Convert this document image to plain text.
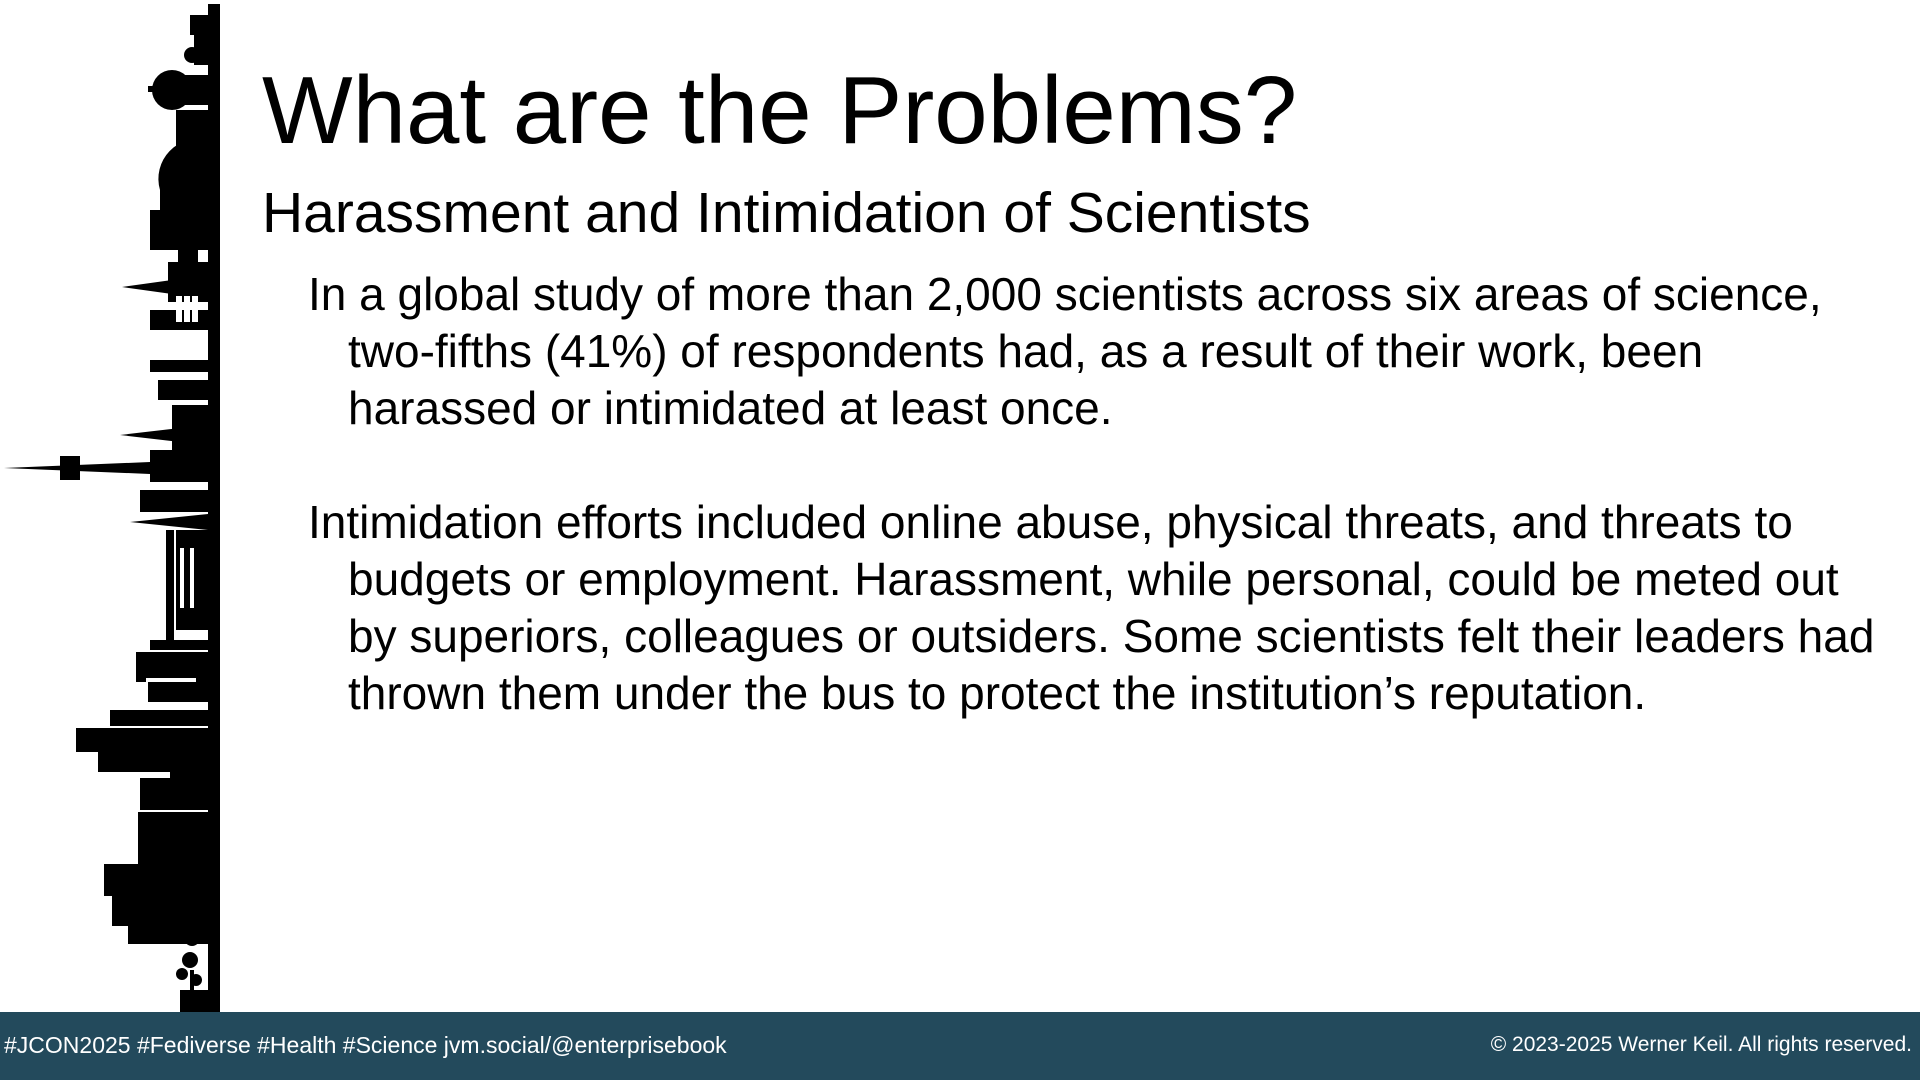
What are the Problems?
Harassment and Intimidation of Scientists

In a global study of more than 2,000 scientists across six areas of science, two-fifths (41%) of respondents had, as a result of their work, been harassed or intimidated at least once.

Intimidation efforts included online abuse, physical threats, and threats to budgets or employment. Harassment, while personal, could be meted out by superiors, colleagues or outsiders. Some scientists felt their leaders had thrown them under the bus to protect the institution’s reputation.

#JCON2025 #Fediverse #Health #Science jvm.social/@enterprisebook	© 2023-2025 Werner Keil. All rights reserved.
